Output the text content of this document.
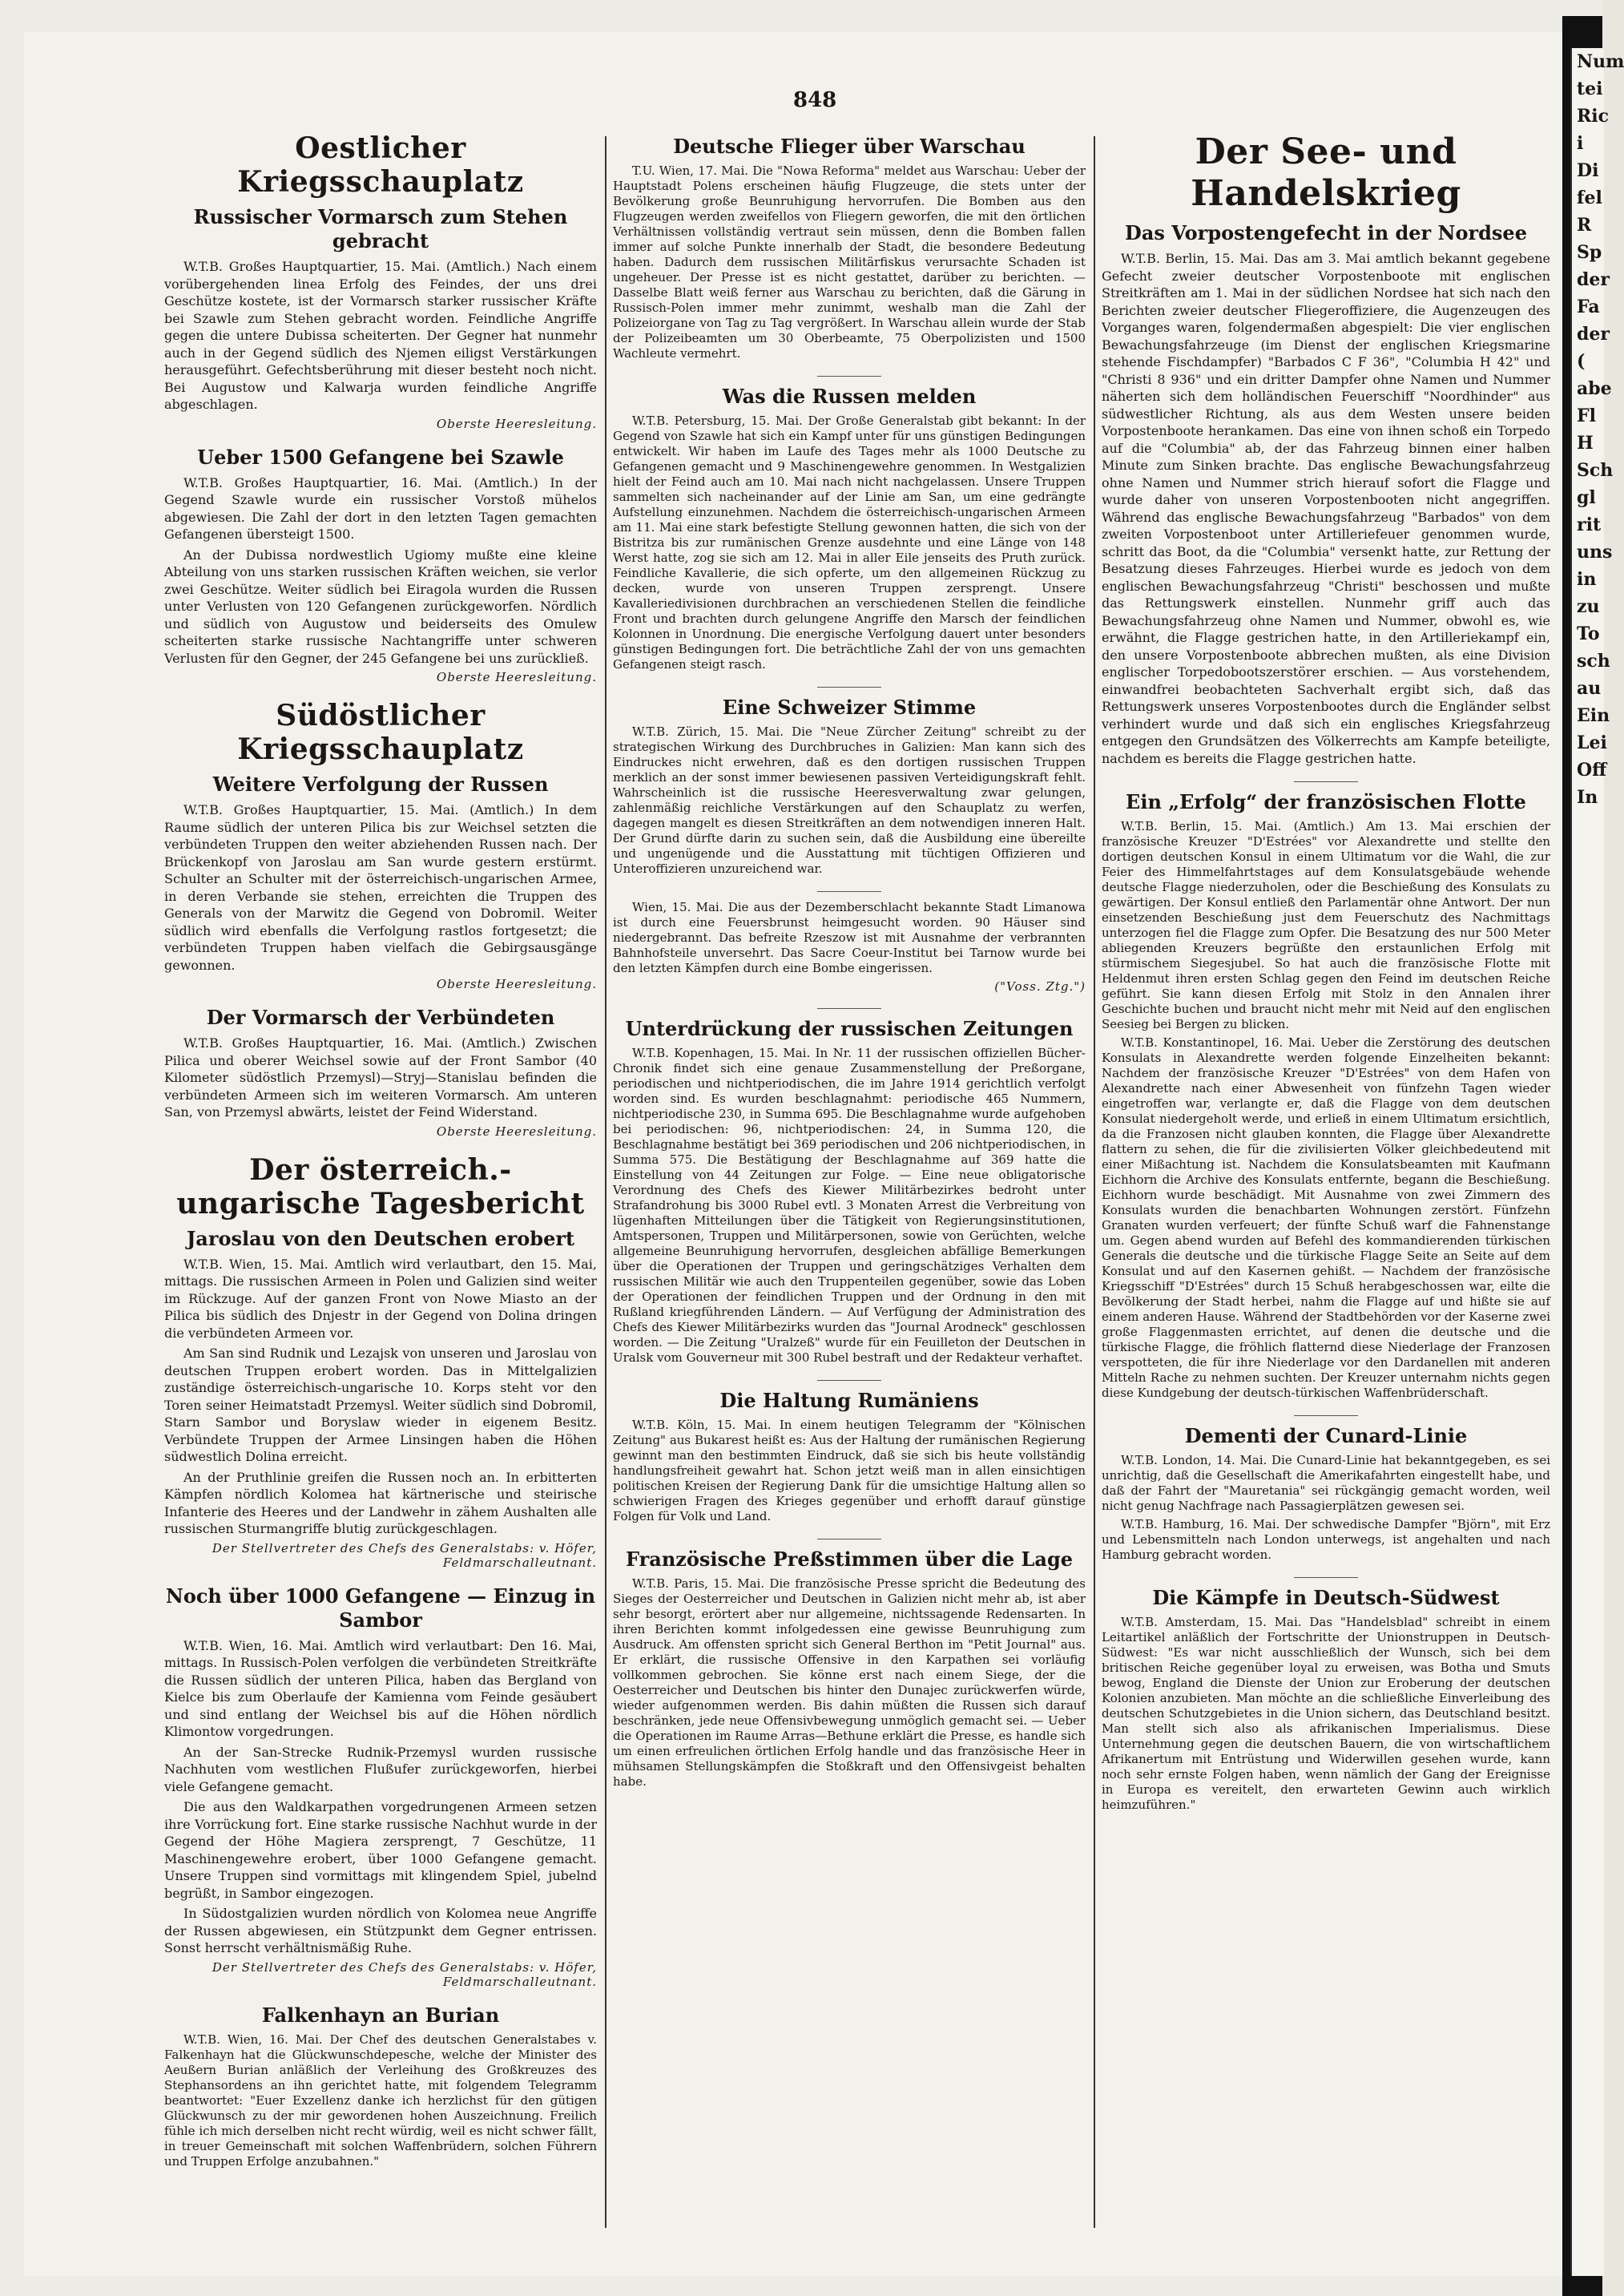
848
Oestlicher Kriegsschauplatz
Russischer Vormarsch zum Stehen gebracht

W.T.B. Großes Hauptquartier, 15. Mai. (Amtlich.) Nach einem vorübergehenden linea Erfolg des Feindes, der uns drei Geschütze kostete, ist der Vormarsch starker russischer Kräfte bei Szawle zum Stehen gebracht worden. Feindliche Angriffe gegen die untere Dubissa scheiterten. Der Gegner hat nunmehr auch in der Gegend südlich des Njemen eiligst Verstärkungen herausgeführt. Gefechtsberührung mit dieser besteht noch nicht. Bei Augustow und Kalwarja wurden feindliche Angriffe abgeschlagen.

Oberste Heeresleitung.
Ueber 1500 Gefangene bei Szawle

W.T.B. Großes Hauptquartier, 16. Mai. (Amtlich.) In der Gegend Szawle wurde ein russischer Vorstoß mühelos abgewiesen. Die Zahl der dort in den letzten Tagen gemachten Gefangenen übersteigt 1500.

An der Dubissa nordwestlich Ugiomy mußte eine kleine Abteilung von uns starken russischen Kräften weichen, sie verlor zwei Geschütze. Weiter südlich bei Eiragola wurden die Russen unter Verlusten von 120 Gefangenen zurückgeworfen. Nördlich und südlich von Augustow und beiderseits des Omulew scheiterten starke russische Nachtangriffe unter schweren Verlusten für den Gegner, der 245 Gefangene bei uns zurückließ.

Oberste Heeresleitung.
Südöstlicher Kriegsschauplatz
Weitere Verfolgung der Russen

W.T.B. Großes Hauptquartier, 15. Mai. (Amtlich.) In dem Raume südlich der unteren Pilica bis zur Weichsel setzten die verbündeten Truppen den weiter abziehenden Russen nach. Der Brückenkopf von Jaroslau am San wurde gestern erstürmt. Schulter an Schulter mit der österreichisch-ungarischen Armee, in deren Verbande sie stehen, erreichten die Truppen des Generals von der Marwitz die Gegend von Dobromil. Weiter südlich wird ebenfalls die Verfolgung rastlos fortgesetzt; die verbündeten Truppen haben vielfach die Gebirgsausgänge gewonnen.

Oberste Heeresleitung.
Der Vormarsch der Verbündeten

W.T.B. Großes Hauptquartier, 16. Mai. (Amtlich.) Zwischen Pilica und oberer Weichsel sowie auf der Front Sambor (40 Kilometer südöstlich Przemysl)—Stryj—Stanislau befinden die verbündeten Armeen sich im weiteren Vormarsch. Am unteren San, von Przemysl abwärts, leistet der Feind Widerstand.

Oberste Heeresleitung.
Der österreich.-ungarische Tagesbericht
Jaroslau von den Deutschen erobert

W.T.B. Wien, 15. Mai. Amtlich wird verlautbart, den 15. Mai, mittags. Die russischen Armeen in Polen und Galizien sind weiter im Rückzuge. Auf der ganzen Front von Nowe Miasto an der Pilica bis südlich des Dnjestr in der Gegend von Dolina dringen die verbündeten Armeen vor.

Am San sind Rudnik und Lezajsk von unseren und Jaroslau von deutschen Truppen erobert worden. Das in Mittelgalizien zuständige österreichisch-ungarische 10. Korps steht vor den Toren seiner Heimatstadt Przemysl. Weiter südlich sind Dobromil, Starn Sambor und Boryslaw wieder in eigenem Besitz. Verbündete Truppen der Armee Linsingen haben die Höhen südwestlich Dolina erreicht.

An der Pruthlinie greifen die Russen noch an. In erbitterten Kämpfen nördlich Kolomea hat kärtnerische und steirische Infanterie des Heeres und der Landwehr in zähem Aushalten alle russischen Sturmangriffe blutig zurückgeschlagen.

Der Stellvertreter des Chefs des Generalstabs: v. Höfer, Feldmarschalleutnant.
Noch über 1000 Gefangene — Einzug in Sambor

W.T.B. Wien, 16. Mai. Amtlich wird verlautbart: Den 16. Mai, mittags. In Russisch-Polen verfolgen die verbündeten Streitkräfte die Russen südlich der unteren Pilica, haben das Bergland von Kielce bis zum Oberlaufe der Kamienna vom Feinde gesäubert und sind entlang der Weichsel bis auf die Höhen nördlich Klimontow vorgedrungen.

An der San-Strecke Rudnik-Przemysl wurden russische Nachhuten vom westlichen Flußufer zurückgeworfen, hierbei viele Gefangene gemacht.

Die aus den Waldkarpathen vorgedrungenen Armeen setzen ihre Vorrückung fort. Eine starke russische Nachhut wurde in der Gegend der Höhe Magiera zersprengt, 7 Geschütze, 11 Maschinengewehre erobert, über 1000 Gefangene gemacht. Unsere Truppen sind vormittags mit klingendem Spiel, jubelnd begrüßt, in Sambor eingezogen.

In Südostgalizien wurden nördlich von Kolomea neue Angriffe der Russen abgewiesen, ein Stützpunkt dem Gegner entrissen. Sonst herrscht verhältnismäßig Ruhe.

Der Stellvertreter des Chefs des Generalstabs: v. Höfer, Feldmarschalleutnant.
Falkenhayn an Burian

W.T.B. Wien, 16. Mai. Der Chef des deutschen Generalstabes v. Falkenhayn hat die Glückwunschdepesche, welche der Minister des Aeußern Burian anläßlich der Verleihung des Großkreuzes des Stephansordens an ihn gerichtet hatte, mit folgendem Telegramm beantwortet: "Euer Exzellenz danke ich herzlichst für den gütigen Glückwunsch zu der mir gewordenen hohen Auszeichnung. Freilich fühle ich mich derselben nicht recht würdig, weil es nicht schwer fällt, in treuer Gemeinschaft mit solchen Waffenbrüdern, solchen Führern und Truppen Erfolge anzubahnen."

Deutsche Flieger über Warschau

T.U. Wien, 17. Mai. Die "Nowa Reforma" meldet aus Warschau: Ueber der Hauptstadt Polens erscheinen häufig Flugzeuge, die stets unter der Bevölkerung große Beunruhigung hervorrufen. Die Bomben aus den Flugzeugen werden zweifellos von Fliegern geworfen, die mit den örtlichen Verhältnissen vollständig vertraut sein müssen, denn die Bomben fallen immer auf solche Punkte innerhalb der Stadt, die besondere Bedeutung haben. Dadurch dem russischen Militärfiskus verursachte Schaden ist ungeheuer. Der Presse ist es nicht gestattet, darüber zu berichten. — Dasselbe Blatt weiß ferner aus Warschau zu berichten, daß die Gärung in Russisch-Polen immer mehr zunimmt, weshalb man die Zahl der Polizeiorgane von Tag zu Tag vergrößert. In Warschau allein wurde der Stab der Polizeibeamten um 30 Oberbeamte, 75 Oberpolizisten und 1500 Wachleute vermehrt.

Was die Russen melden

W.T.B. Petersburg, 15. Mai. Der Große Generalstab gibt bekannt: In der Gegend von Szawle hat sich ein Kampf unter für uns günstigen Bedingungen entwickelt. Wir haben im Laufe des Tages mehr als 1000 Deutsche zu Gefangenen gemacht und 9 Maschinengewehre genommen. In Westgalizien hielt der Feind auch am 10. Mai nach nicht nachgelassen. Unsere Truppen sammelten sich nacheinander auf der Linie am San, um eine gedrängte Aufstellung einzunehmen. Nachdem die österreichisch-ungarischen Armeen am 11. Mai eine stark befestigte Stellung gewonnen hatten, die sich von der Bistritza bis zur rumänischen Grenze ausdehnte und eine Länge von 148 Werst hatte, zog sie sich am 12. Mai in aller Eile jenseits des Pruth zurück. Feindliche Kavallerie, die sich opferte, um den allgemeinen Rückzug zu decken, wurde von unseren Truppen zersprengt. Unsere Kavalleriedivisionen durchbrachen an verschiedenen Stellen die feindliche Front und brachten durch gelungene Angriffe den Marsch der feindlichen Kolonnen in Unordnung. Die energische Verfolgung dauert unter besonders günstigen Bedingungen fort. Die beträchtliche Zahl der von uns gemachten Gefangenen steigt rasch.

Eine Schweizer Stimme

W.T.B. Zürich, 15. Mai. Die "Neue Zürcher Zeitung" schreibt zu der strategischen Wirkung des Durchbruches in Galizien: Man kann sich des Eindruckes nicht erwehren, daß es den dortigen russischen Truppen merklich an der sonst immer bewiesenen passiven Verteidigungskraft fehlt. Wahrscheinlich ist die russische Heeresverwaltung zwar gelungen, zahlenmäßig reichliche Verstärkungen auf den Schauplatz zu werfen, dagegen mangelt es diesen Streitkräften an dem notwendigen inneren Halt. Der Grund dürfte darin zu suchen sein, daß die Ausbildung eine übereilte und ungenügende und die Ausstattung mit tüchtigen Offizieren und Unteroffizieren unzureichend war.

Wien, 15. Mai. Die aus der Dezemberschlacht bekannte Stadt Limanowa ist durch eine Feuersbrunst heimgesucht worden. 90 Häuser sind niedergebrannt. Das befreite Rzeszow ist mit Ausnahme der verbrannten Bahnhofsteile unversehrt. Das Sacre Coeur-Institut bei Tarnow wurde bei den letzten Kämpfen durch eine Bombe eingerissen.

("Voss. Ztg.")
Unterdrückung der russischen Zeitungen

W.T.B. Kopenhagen, 15. Mai. In Nr. 11 der russischen offiziellen Bücher-Chronik findet sich eine genaue Zusammenstellung der Preßorgane, periodischen und nichtperiodischen, die im Jahre 1914 gerichtlich verfolgt worden sind. Es wurden beschlagnahmt: periodische 465 Nummern, nichtperiodische 230, in Summa 695. Die Beschlagnahme wurde aufgehoben bei periodischen: 96, nichtperiodischen: 24, in Summa 120, die Beschlagnahme bestätigt bei 369 periodischen und 206 nichtperiodischen, in Summa 575. Die Bestätigung der Beschlagnahme auf 369 hatte die Einstellung von 44 Zeitungen zur Folge. — Eine neue obligatorische Verordnung des Chefs des Kiewer Militärbezirkes bedroht unter Strafandrohung bis 3000 Rubel evtl. 3 Monaten Arrest die Verbreitung von lügenhaften Mitteilungen über die Tätigkeit von Regierungsinstitutionen, Amtspersonen, Truppen und Militärpersonen, sowie von Gerüchten, welche allgemeine Beunruhigung hervorrufen, desgleichen abfällige Bemerkungen über die Operationen der Truppen und geringschätziges Verhalten dem russischen Militär wie auch den Truppenteilen gegenüber, sowie das Loben der Operationen der feindlichen Truppen und der Ordnung in den mit Rußland kriegführenden Ländern. — Auf Verfügung der Administration des Chefs des Kiewer Militärbezirks wurden das "Journal Arodneck" geschlossen worden. — Die Zeitung "Uralzeß" wurde für ein Feuilleton der Deutschen in Uralsk vom Gouverneur mit 300 Rubel bestraft und der Redakteur verhaftet.

Die Haltung Rumäniens

W.T.B. Köln, 15. Mai. In einem heutigen Telegramm der "Kölnischen Zeitung" aus Bukarest heißt es: Aus der Haltung der rumänischen Regierung gewinnt man den bestimmten Eindruck, daß sie sich bis heute vollständig handlungsfreiheit gewahrt hat. Schon jetzt weiß man in allen einsichtigen politischen Kreisen der Regierung Dank für die umsichtige Haltung allen so schwierigen Fragen des Krieges gegenüber und erhofft darauf günstige Folgen für Volk und Land.

Französische Preßstimmen über die Lage

W.T.B. Paris, 15. Mai. Die französische Presse spricht die Bedeutung des Sieges der Oesterreicher und Deutschen in Galizien nicht mehr ab, ist aber sehr besorgt, erörtert aber nur allgemeine, nichtssagende Redensarten. In ihren Berichten kommt infolgedessen eine gewisse Beunruhigung zum Ausdruck. Am offensten spricht sich General Berthon im "Petit Journal" aus. Er erklärt, die russische Offensive in den Karpathen sei vorläufig vollkommen gebrochen. Sie könne erst nach einem Siege, der die Oesterreicher und Deutschen bis hinter den Dunajec zurückwerfen würde, wieder aufgenommen werden. Bis dahin müßten die Russen sich darauf beschränken, jede neue Offensivbewegung unmöglich gemacht sei. — Ueber die Operationen im Raume Arras—Bethune erklärt die Presse, es handle sich um einen erfreulichen örtlichen Erfolg handle und das französische Heer in mühsamen Stellungskämpfen die Stoßkraft und den Offensivgeist behalten habe.

Der See- und Handelskrieg
Das Vorpostengefecht in der Nordsee

W.T.B. Berlin, 15. Mai. Das am 3. Mai amtlich bekannt gegebene Gefecht zweier deutscher Vorpostenboote mit englischen Streitkräften am 1. Mai in der südlichen Nordsee hat sich nach den Berichten zweier deutscher Fliegeroffiziere, die Augenzeugen des Vorganges waren, folgendermaßen abgespielt: Die vier englischen Bewachungsfahrzeuge (im Dienst der englischen Kriegsmarine stehende Fischdampfer) "Barbados C F 36", "Columbia H 42" und "Christi 8 936" und ein dritter Dampfer ohne Namen und Nummer näherten sich dem holländischen Feuerschiff "Noordhinder" aus südwestlicher Richtung, als aus dem Westen unsere beiden Vorpostenboote herankamen. Das eine von ihnen schoß ein Torpedo auf die "Columbia" ab, der das Fahrzeug binnen einer halben Minute zum Sinken brachte. Das englische Bewachungsfahrzeug ohne Namen und Nummer strich hierauf sofort die Flagge und wurde daher von unseren Vorpostenbooten nicht angegriffen. Während das englische Bewachungsfahrzeug "Barbados" von dem zweiten Vorpostenboot unter Artilleriefeuer genommen wurde, schritt das Boot, da die "Columbia" versenkt hatte, zur Rettung der Besatzung dieses Fahrzeuges. Hierbei wurde es jedoch von dem englischen Bewachungsfahrzeug "Christi" beschossen und mußte das Rettungswerk einstellen. Nunmehr griff auch das Bewachungsfahrzeug ohne Namen und Nummer, obwohl es, wie erwähnt, die Flagge gestrichen hatte, in den Artilleriekampf ein, den unsere Vorpostenboote abbrechen mußten, als eine Division englischer Torpedobootszerstörer erschien. — Aus vorstehendem, einwandfrei beobachteten Sachverhalt ergibt sich, daß das Rettungswerk unseres Vorpostenbootes durch die Engländer selbst verhindert wurde und daß sich ein englisches Kriegsfahrzeug entgegen den Grundsätzen des Völkerrechts am Kampfe beteiligte, nachdem es bereits die Flagge gestrichen hatte.

Ein „Erfolg“ der französischen Flotte

W.T.B. Berlin, 15. Mai. (Amtlich.) Am 13. Mai erschien der französische Kreuzer "D'Estrées" vor Alexandrette und stellte den dortigen deutschen Konsul in einem Ultimatum vor die Wahl, die zur Feier des Himmelfahrtstages auf dem Konsulatsgebäude wehende deutsche Flagge niederzuholen, oder die Beschießung des Konsulats zu gewärtigen. Der Konsul entließ den Parlamentär ohne Antwort. Der nun einsetzenden Beschießung just dem Feuerschutz des Nachmittags unterzogen fiel die Flagge zum Opfer. Die Besatzung des nur 500 Meter abliegenden Kreuzers begrüßte den erstaunlichen Erfolg mit stürmischem Siegesjubel. So hat auch die französische Flotte mit Heldenmut ihren ersten Schlag gegen den Feind im deutschen Reiche geführt. Sie kann diesen Erfolg mit Stolz in den Annalen ihrer Geschichte buchen und braucht nicht mehr mit Neid auf den englischen Seesieg bei Bergen zu blicken.

W.T.B. Konstantinopel, 16. Mai. Ueber die Zerstörung des deutschen Konsulats in Alexandrette werden folgende Einzelheiten bekannt: Nachdem der französische Kreuzer "D'Estrées" von dem Hafen von Alexandrette nach einer Abwesenheit von fünfzehn Tagen wieder eingetroffen war, verlangte er, daß die Flagge von dem deutschen Konsulat niedergeholt werde, und erließ in einem Ultimatum ersichtlich, da die Franzosen nicht glauben konnten, die Flagge über Alexandrette flattern zu sehen, die für die zivilisierten Völker gleichbedeutend mit einer Mißachtung ist. Nachdem die Konsulatsbeamten mit Kaufmann Eichhorn die Archive des Konsulats entfernte, begann die Beschießung. Eichhorn wurde beschädigt. Mit Ausnahme von zwei Zimmern des Konsulats wurden die benachbarten Wohnungen zerstört. Fünfzehn Granaten wurden verfeuert; der fünfte Schuß warf die Fahnenstange um. Gegen abend wurden auf Befehl des kommandierenden türkischen Generals die deutsche und die türkische Flagge Seite an Seite auf dem Konsulat und auf den Kasernen gehißt. — Nachdem der französische Kriegsschiff "D'Estrées" durch 15 Schuß herabgeschossen war, eilte die Bevölkerung der Stadt herbei, nahm die Flagge auf und hißte sie auf einem anderen Hause. Während der Stadtbehörden vor der Kaserne zwei große Flaggenmasten errichtet, auf denen die deutsche und die türkische Flagge, die fröhlich flatternd diese Niederlage der Franzosen verspotteten, die für ihre Niederlage vor den Dardanellen mit anderen Mitteln Rache zu nehmen suchten. Der Kreuzer unternahm nichts gegen diese Kundgebung der deutsch-türkischen Waffenbrüderschaft.

Dementi der Cunard-Linie

W.T.B. London, 14. Mai. Die Cunard-Linie hat bekanntgegeben, es sei unrichtig, daß die Gesellschaft die Amerikafahrten eingestellt habe, und daß der Fahrt der "Mauretania" sei rückgängig gemacht worden, weil nicht genug Nachfrage nach Passagierplätzen gewesen sei.

W.T.B. Hamburg, 16. Mai. Der schwedische Dampfer "Björn", mit Erz und Lebensmitteln nach London unterwegs, ist angehalten und nach Hamburg gebracht worden.

Die Kämpfe in Deutsch-Südwest

W.T.B. Amsterdam, 15. Mai. Das "Handelsblad" schreibt in einem Leitartikel anläßlich der Fortschritte der Unionstruppen in Deutsch-Südwest: "Es war nicht ausschließlich der Wunsch, sich bei dem britischen Reiche gegenüber loyal zu erweisen, was Botha und Smuts bewog, England die Dienste der Union zur Eroberung der deutschen Kolonien anzubieten. Man möchte an die schließliche Einverleibung des deutschen Schutzgebietes in die Union sichern, das Deutschland besitzt. Man stellt sich also als afrikanischen Imperialismus. Diese Unternehmung gegen die deutschen Bauern, die von wirtschaftlichem Afrikanertum mit Entrüstung und Widerwillen gesehen wurde, kann noch sehr ernste Folgen haben, wenn nämlich der Gang der Ereignisse in Europa es vereitelt, den erwarteten Gewinn auch wirklich heimzuführen."

Num
tei
Ric
i
Di
fel
R
Sp
der
Fa
der
(
abe
Fl
H
Sch
gl
rit
uns
in
zu
To
sch
au
Ein
Lei
Off
In
